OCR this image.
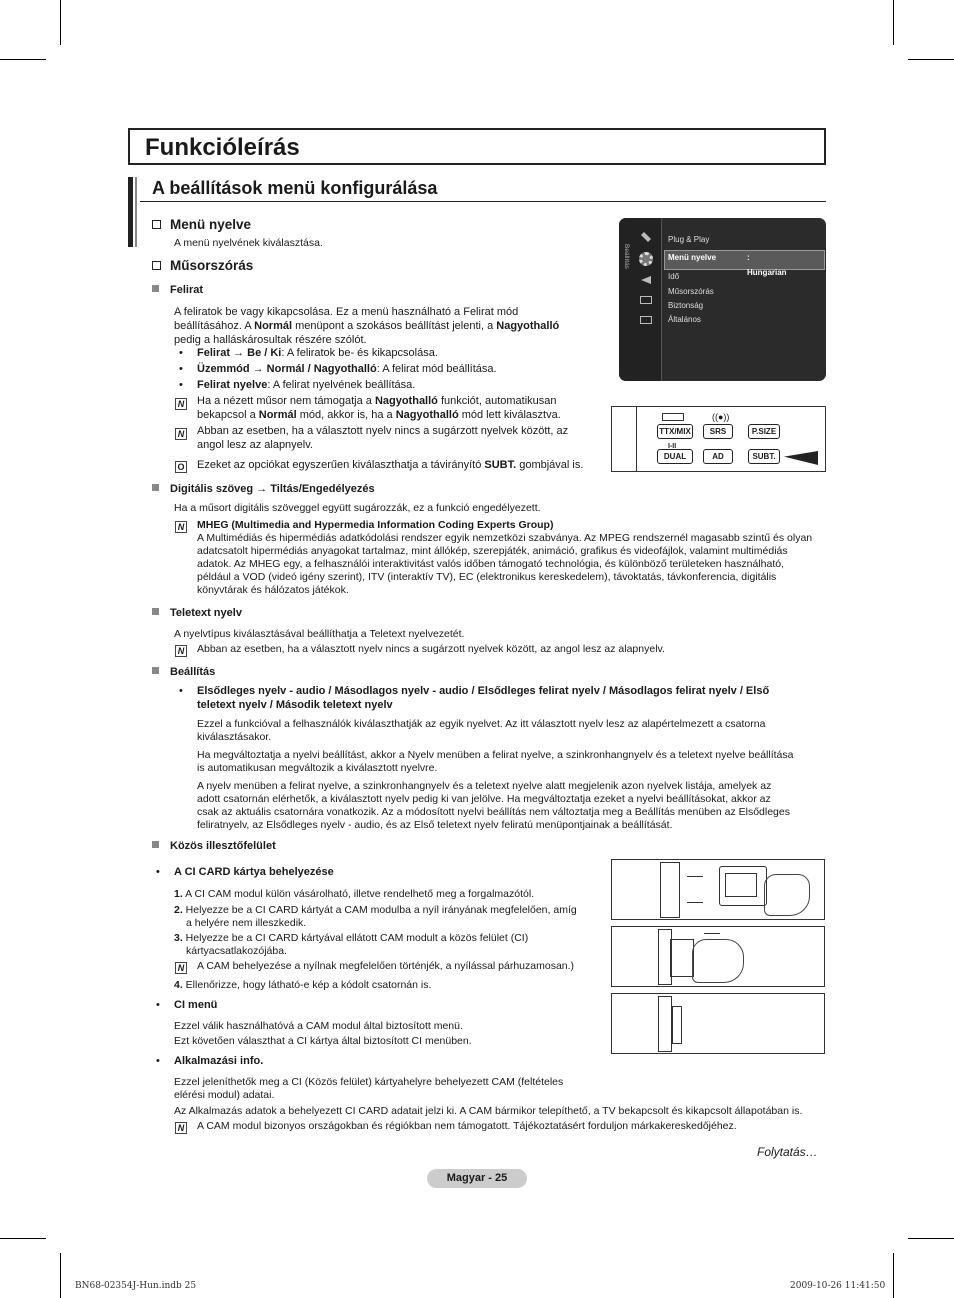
Funkcióleírás
A beállítások menü konfigurálása
Menü nyelve
A menü nyelvének kiválasztása.
Műsorszórás
Felirat
A feliratok be vagy kikapcsolása. Ez a menü használható a Felirat mód
beállításához. A Normál menüpont a szokásos beállítást jelenti, a Nagyothalló
pedig a halláskárosultak részére szólót.
• Felirat → Be / Ki: A feliratok be- és kikapcsolása.
• Üzemmód → Normál / Nagyothalló: A felirat mód beállítása.
• Felirat nyelve: A felirat nyelvének beállítása.
N Ha a nézett műsor nem támogatja a Nagyothalló funkciót, automatikusan
bekapcsol a Normál mód, akkor is, ha a Nagyothalló mód lett kiválasztva.
N Abban az esetben, ha a választott nyelv nincs a sugárzott nyelvek között, az
angol lesz az alapnyelv.
O Ezeket az opciókat egyszerűen kiválaszthatja a távirányító SUBT. gombjával is.
Beállítás
Plug & Play
Menü nyelve	: Hungarian
Idő
Műsorszórás
Biztonság
Általános
((●))
TTX/MIX	SRS	P.SIZE
I-II
DUAL	AD	SUBT.
Digitális szöveg → Tiltás/Engedélyezés
Ha a műsort digitális szöveggel együtt sugározzák, ez a funkció engedélyezett.
N MHEG (Multimedia and Hypermedia Information Coding Experts Group)
A Multimédiás és hipermédiás adatkódolási rendszer egyik nemzetközi szabványa. Az MPEG rendszernél magasabb szintű és olyan
adatcsatolt hipermédiás anyagokat tartalmaz, mint állókép, szerepjáték, animáció, grafikus és videofájlok, valamint multimédiás
adatok. Az MHEG egy, a felhasználói interaktivitást valós időben támogató technológia, és különböző területeken használható,
például a VOD (videó igény szerint), ITV (interaktív TV), EC (elektronikus kereskedelem), távoktatás, távkonferencia, digitális
könyvtárak és hálózatos játékok.
Teletext nyelv
A nyelvtípus kiválasztásával beállíthatja a Teletext nyelvezetét.
N Abban az esetben, ha a választott nyelv nincs a sugárzott nyelvek között, az angol lesz az alapnyelv.
Beállítás
• Elsődleges nyelv - audio / Másodlagos nyelv - audio / Elsődleges felirat nyelv / Másodlagos felirat nyelv / Első
teletext nyelv / Második teletext nyelv
Ezzel a funkcióval a felhasználók kiválaszthatják az egyik nyelvet. Az itt választott nyelv lesz az alapértelmezett a csatorna
kiválasztásakor.
Ha megváltoztatja a nyelvi beállítást, akkor a Nyelv menüben a felirat nyelve, a szinkronhangnyelv és a teletext nyelve beállítása
is automatikusan megváltozik a kiválasztott nyelvre.
A nyelv menüben a felirat nyelve, a szinkronhangnyelv és a teletext nyelve alatt megjelenik azon nyelvek listája, amelyek az
adott csatornán elérhetők, a kiválasztott nyelv pedig ki van jelölve. Ha megváltoztatja ezeket a nyelvi beállításokat, akkor az
csak az aktuális csatornára vonatkozik. Az a módosított nyelvi beállítás nem változtatja meg a Beállítás menüben az Elsődleges
feliratnyelv, az Elsődleges nyelv - audio, és az Első teletext nyelv feliratú menüpontjainak a beállítását.
Közös illesztőfelület
• A CI CARD kártya behelyezése
1. A CI CAM modul külön vásárolható, illetve rendelhető meg a forgalmazótól.
2. Helyezze be a CI CARD kártyát a CAM modulba a nyíl irányának megfelelően, amíg
a helyére nem illeszkedik.
3. Helyezze be a CI CARD kártyával ellátott CAM modult a közös felület (CI)
kártyacsatlakozójába.
N A CAM behelyezése a nyílnak megfelelően történjék, a nyílással párhuzamosan.)
4. Ellenőrizze, hogy látható-e kép a kódolt csatornán is.
• CI menü
Ezzel válik használhatóvá a CAM modul által biztosított menü.
Ezt követően választhat a CI kártya által biztosított CI menüben.
• Alkalmazási info.
Ezzel jeleníthetők meg a CI (Közös felület) kártyahelyre behelyezett CAM (feltételes
elérési modul) adatai.
Az Alkalmazás adatok a behelyezett CI CARD adatait jelzi ki. A CAM bármikor telepíthető, a TV bekapcsolt és kikapcsolt állapotában is.
N A CAM modul bizonyos országokban és régiókban nem támogatott. Tájékoztatásért forduljon márkakereskedőjéhez.
Folytatás…
Magyar - 25
BN68-02354J-Hun.indb 25	2009-10-26 11:41:50
